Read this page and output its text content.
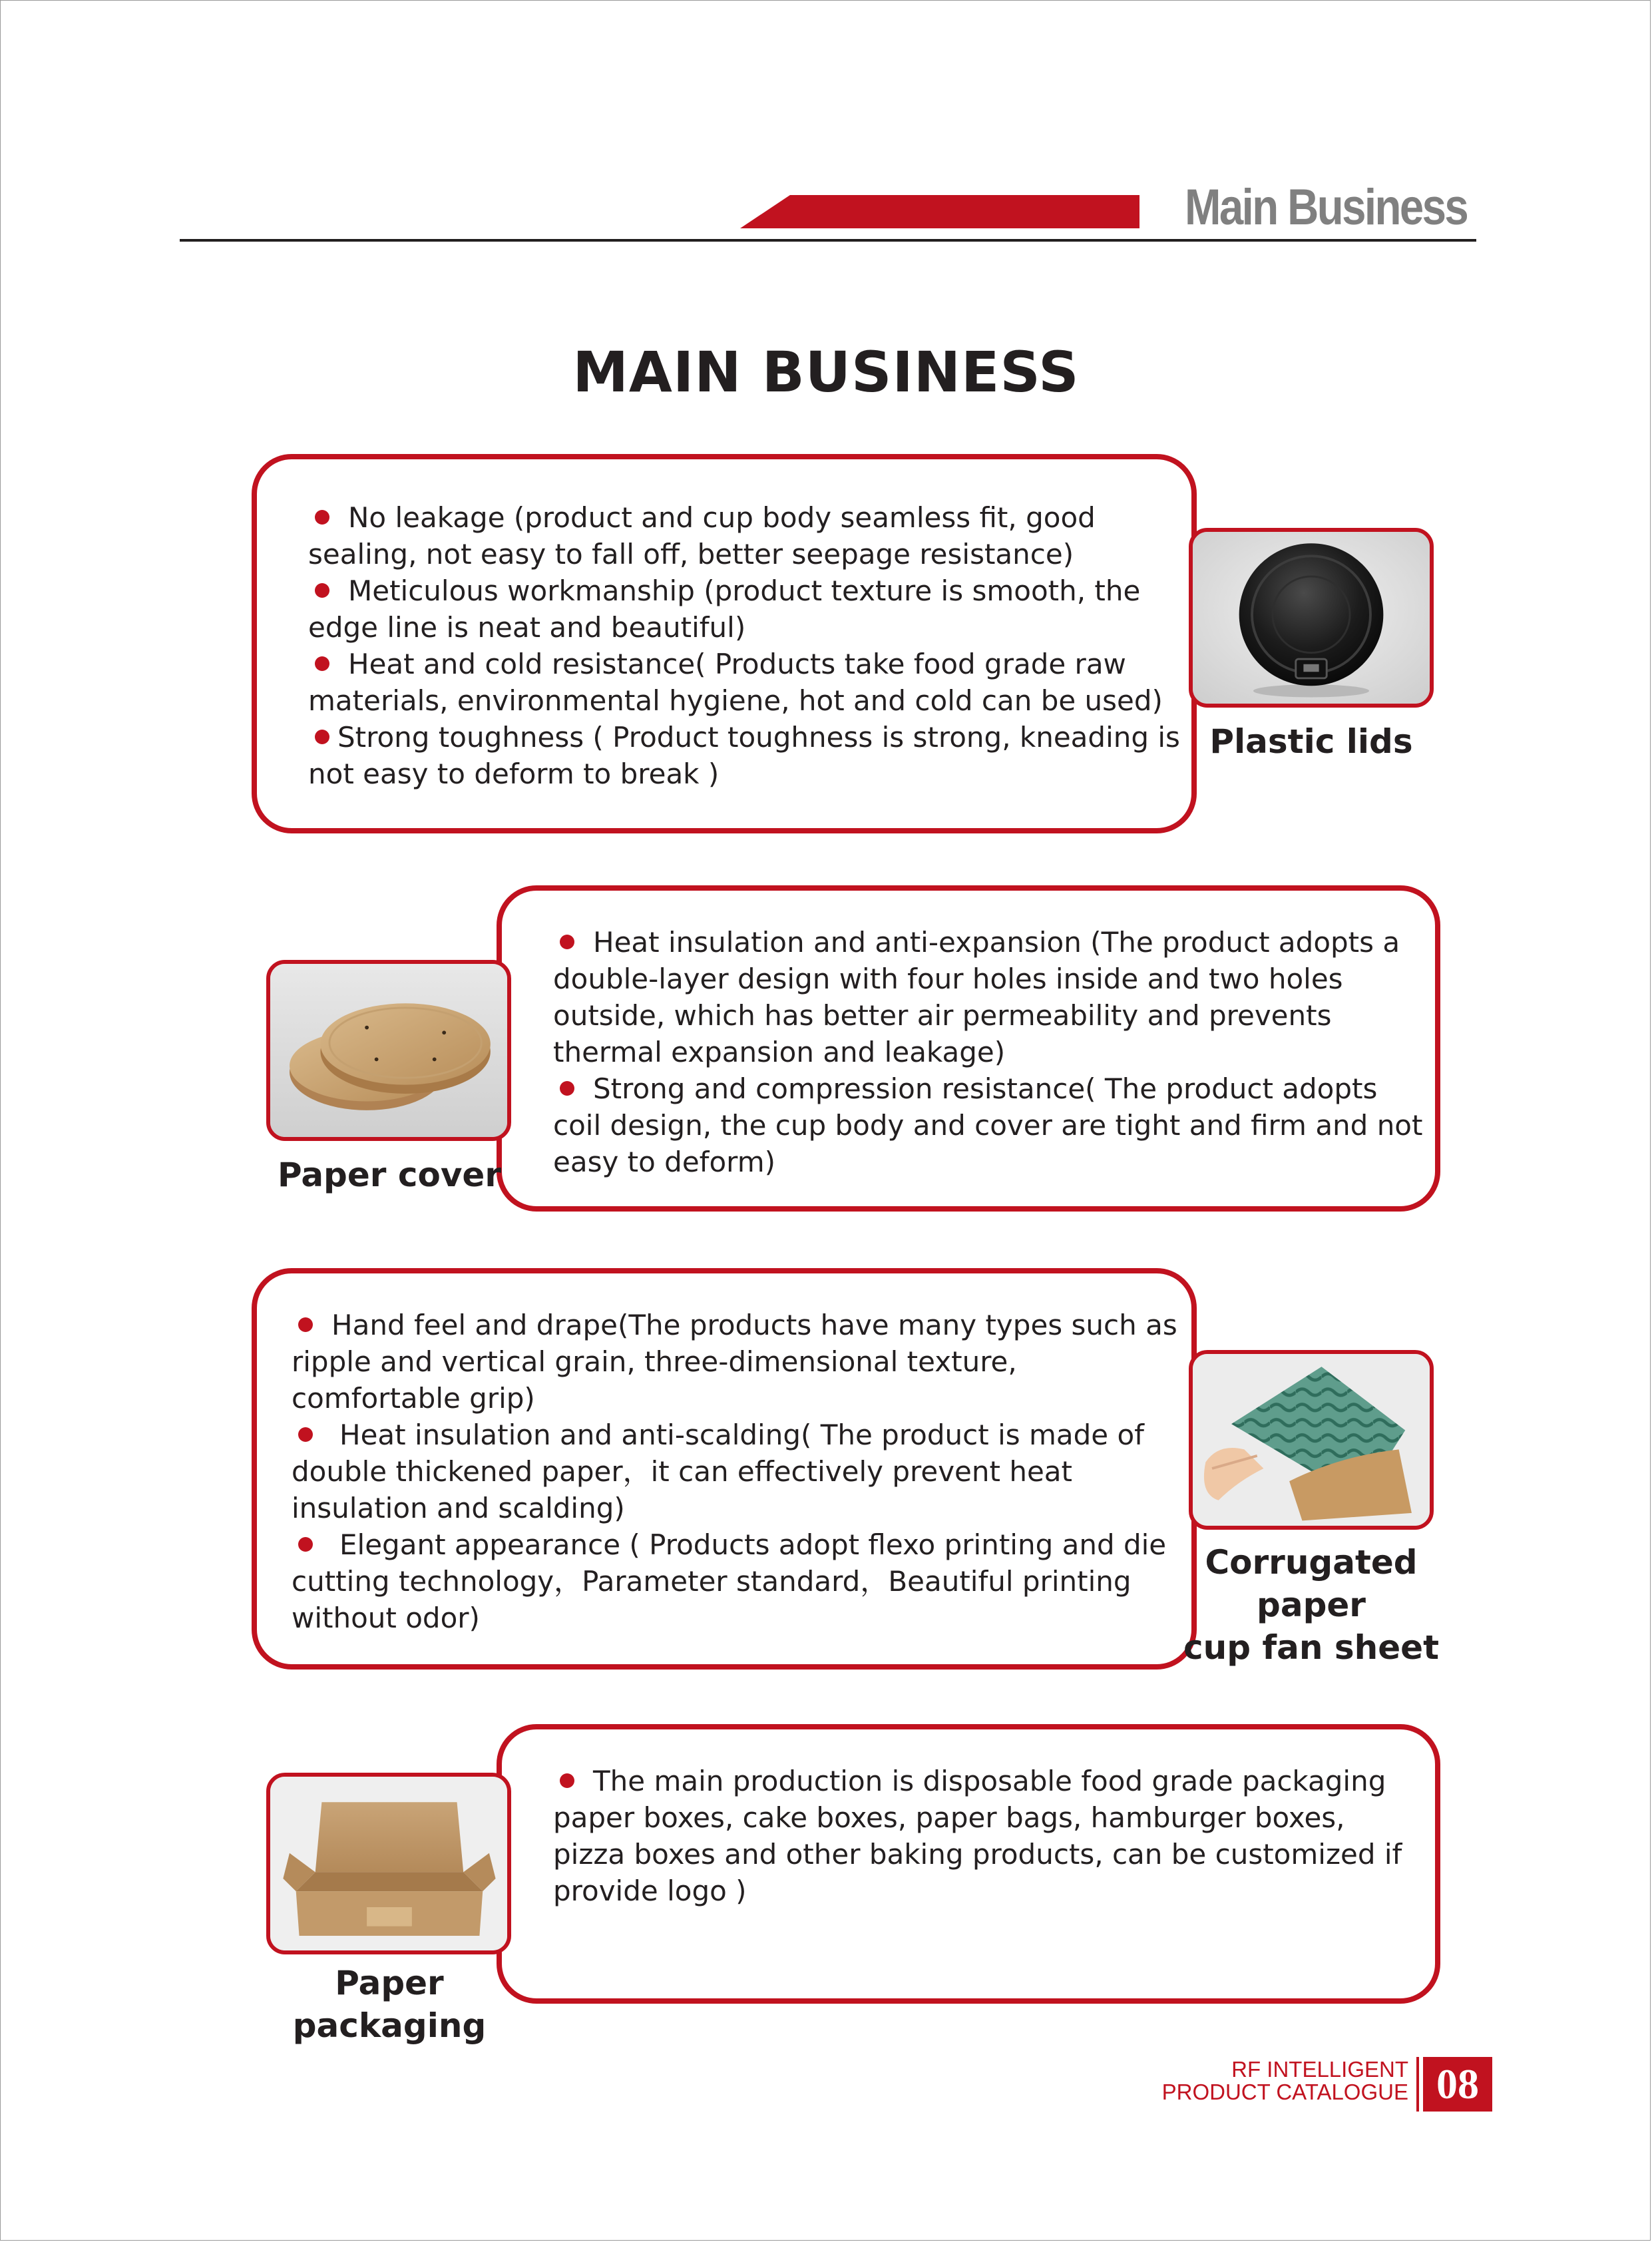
Main Business
MAIN BUSINESS
No leakage (product and cup body seamless fit, good sealing, not easy to fall off, better seepage resistance)
Meticulous workmanship (product texture is smooth, the edge line is neat and beautiful)
Heat and cold resistance( Products take food grade raw materials, environmental hygiene, hot and cold can be used)
Strong toughness ( Product toughness is strong, kneading is not easy to deform to break )
Plastic lids
Heat insulation and anti-expansion (The product adopts a double-layer design with four holes inside and two holes outside, which has better air permeability and prevents thermal expansion and leakage)
Strong and compression resistance( The product adopts coil design, the cup body and cover are tight and firm and not easy to deform)
Paper cover
Hand feel and drape(The products have many types such as ripple and vertical grain, three-dimensional texture, comfortable grip)
Heat insulation and anti-scalding( The product is made of double thickened paper，it can effectively prevent heat insulation and scalding)
Elegant appearance ( Products adopt flexo printing and die cutting technology，Parameter standard，Beautiful printing without odor)
Corrugated paper
cup fan sheet
The main production is disposable food grade packaging paper boxes, cake boxes, paper bags, hamburger boxes, pizza boxes and other baking products, can be customized if provide logo )
Paper
packaging
RF INTELLIGENT
PRODUCT CATALOGUE 08
